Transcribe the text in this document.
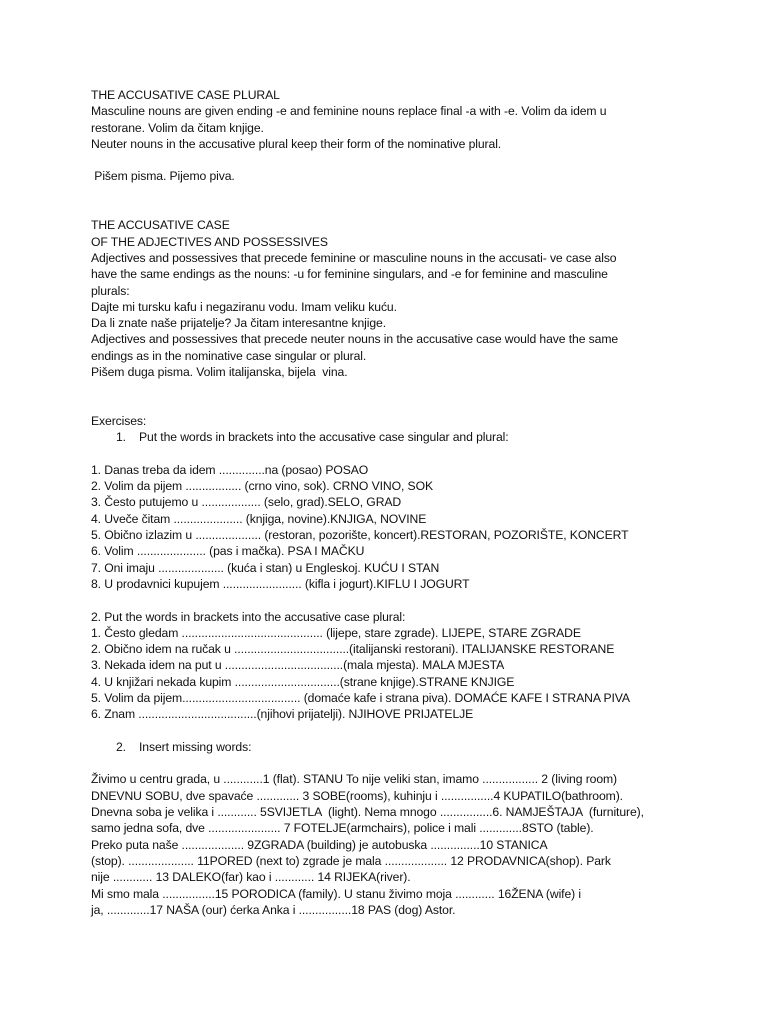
THE ACCUSATIVE CASE PLURAL

Masculine nouns are given ending -e and feminine nouns replace final -a with -e. Volim da idem u

restorane. Volim da čitam knjige.

Neuter nouns in the accusative plural keep their form of the nominative plural.

Pišem pisma. Pijemo piva.

THE ACCUSATIVE CASE

OF THE ADJECTIVES AND POSSESSIVES

Adjectives and possessives that precede feminine or masculine nouns in the accusati- ve case also

have the same endings as the nouns: -u for feminine singulars, and -e for feminine and masculine

plurals:

Dajte mi tursku kafu i negaziranu vodu. Imam veliku kuću.

Da li znate naše prijatelje? Ja čitam interesantne knjige.

Adjectives and possessives that precede neuter nouns in the accusative case would have the same

endings as in the nominative case singular or plural.

Pišem duga pisma. Volim italijanska, bijela  vina.

Exercises:

1. Put the words in brackets into the accusative case singular and plural:

1. Danas treba da idem ..............na (posao) POSAO

2. Volim da pijem ................. (crno vino, sok). CRNO VINO, SOK

3. Često putujemo u .................. (selo, grad).SELO, GRAD

4. Uveče čitam ..................... (knjiga, novine).KNJIGA, NOVINE

5. Obično izlazim u .................... (restoran, pozorište, koncert).RESTORAN, POZORIŠTE, KONCERT

6. Volim ..................... (pas i mačka). PSA I MAČKU

7. Oni imaju .................... (kuća i stan) u Engleskoj. KUĆU I STAN

8. U prodavnici kupujem ........................ (kifla i jogurt).KIFLU I JOGURT

2. Put the words in brackets into the accusative case plural:

1. Često gledam ........................................... (lijepe, stare zgrade). LIJEPE, STARE ZGRADE

2. Obično idem na ručak u ...................................(italijanski restorani). ITALIJANSKE RESTORANE

3. Nekada idem na put u ....................................(mala mjesta). MALA MJESTA

4. U knjižari nekada kupim ................................(strane knjige).STRANE KNJIGE

5. Volim da pijem.................................... (domaće kafe i strana piva). DOMAĆE KAFE I STRANA PIVA

6. Znam ....................................(njihovi prijatelji). NJIHOVE PRIJATELJE

2. Insert missing words:

Živimo u centru grada, u ............1 (flat). STANU To nije veliki stan, imamo ................. 2 (living room)

DNEVNU SOBU, dve spavaće ............. 3 SOBE(rooms), kuhinju i ................4 KUPATILO(bathroom).

Dnevna soba je velika i ............ 5SVIJETLA  (light). Nema mnogo ................6. NAMJEŠTAJA  (furniture),

samo jedna sofa, dve ...................... 7 FOTELJE(armchairs), police i mali .............8STO (table).

Preko puta naše ................... 9ZGRADA (building) je autobuska ...............10 STANICA

(stop). .................... 11PORED (next to) zgrade je mala ................... 12 PRODAVNICA(shop). Park

nije ............ 13 DALEKO(far) kao i ............ 14 RIJEKA(river).

Mi smo mala ................15 PORODICA (family). U stanu živimo moja ............ 16ŽENA (wife) i

ja, .............17 NAŠA (our) ćerka Anka i ................18 PAS (dog) Astor.
